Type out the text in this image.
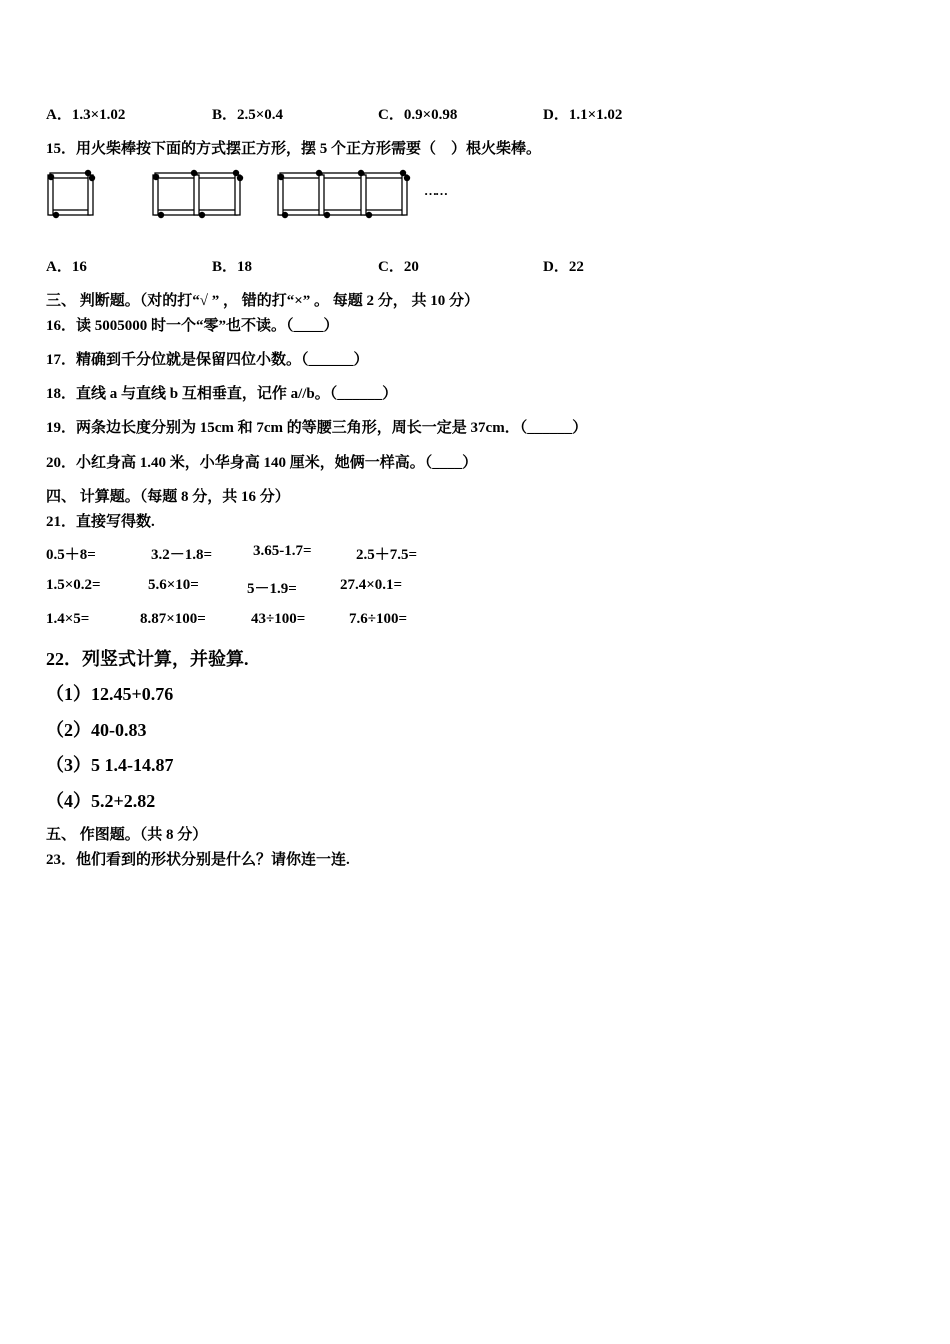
A．1.3×1.02	B．2.5×0.4	C．0.9×0.98	D．1.1×1.02
15．用火柴棒按下面的方式摆正方形，摆 5 个正方形需要（　）根火柴棒。
……
A．16	B．18	C．20	D．22
三、 判断题。（对的打“√ ” ， 错的打“×” 。 每题 2 分， 共 10 分）
16．读 5005000 时一个“零”也不读。（____）
17．精确到千分位就是保留四位小数。（______）
18．直线 a 与直线 b 互相垂直，记作 a//b。（______）
19．两条边长度分别为 15cm 和 7cm 的等腰三角形，周长一定是 37cm．（______）
20．小红身高 1.40 米，小华身高 140 厘米，她俩一样高。（____）
四、 计算题。（每题 8 分，共 16 分）
21．直接写得数.
0.5＋8=	3.2－1.8=	3.65-1.7=	2.5＋7.5=
1.5×0.2=	5.6×10=	5－1.9=	27.4×0.1=
1.4×5=	8.87×100=	43÷100=	7.6÷100=
22．列竖式计算，并验算.
（1）12.45+0.76
（2）40-0.83
（3）5 1.4-14.87
（4）5.2+2.82
五、 作图题。（共 8 分）
23．他们看到的形状分别是什么？请你连一连.
